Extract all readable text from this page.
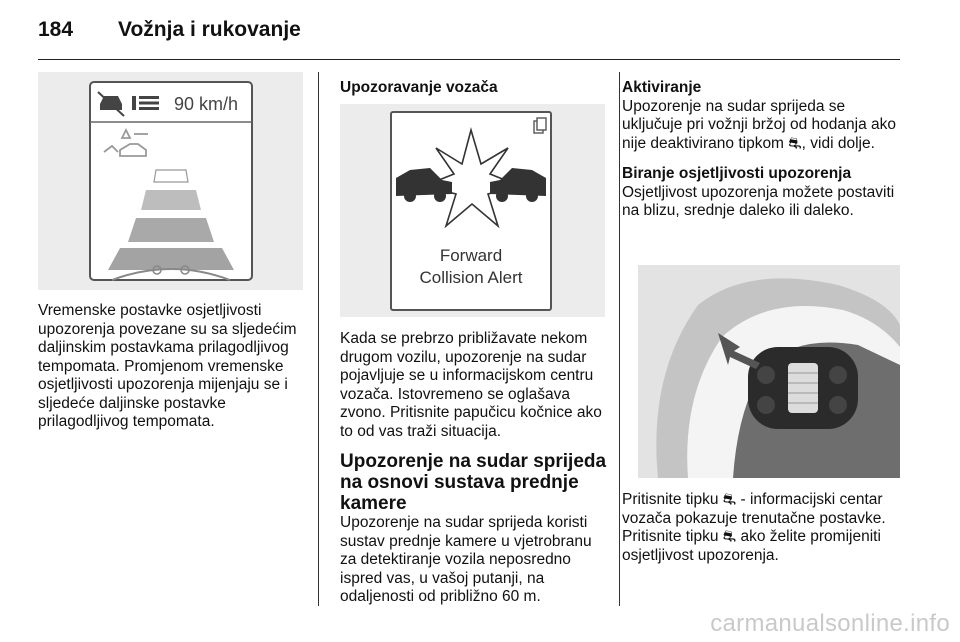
184 Vožnja i rukovanje
90 km/h

Vremenske postavke osjetljivosti upozorenja povezane su sa sljedećim daljinskim postavkama prilagodljivog tempomata. Promjenom vremenske osjetljivosti upozorenja mijenjaju se i sljedeće daljinske postavke prilagodljivog tempomata.

Upozoravanje vozača

Forward
Collision Alert

Kada se prebrzo približavate nekom drugom vozilu, upozorenje na sudar pojavljuje se u informacijskom centru vozača. Istovremeno se oglašava zvono. Pritisnite papučicu kočnice ako to od vas traži situacija.

Upozorenje na sudar sprijeda na osnovi sustava prednje kamere

Upozorenje na sudar sprijeda koristi sustav prednje kamere u vjetrobranu za detektiranje vozila neposredno ispred vas, u vašoj putanji, na odaljenosti od približno 60 m.

Aktiviranje

Upozorenje na sudar sprijeda se uključuje pri vožnji bržoj od hodanja ako nije deaktivirano tipkom ⛐, vidi dolje.

Biranje osjetljivosti upozorenja

Osjetljivost upozorenja možete postaviti na blizu, srednje daleko ili daleko.

Pritisnite tipku ⛐ - informacijski centar vozača pokazuje trenutačne postavke. Pritisnite tipku ⛐ ako želite promijeniti osjetljivost upozorenja.

carmanualsonline.info
